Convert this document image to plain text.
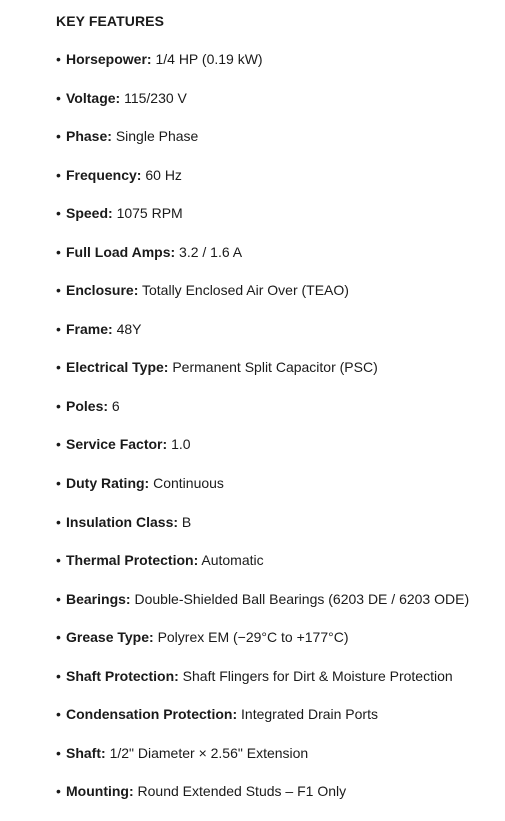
KEY FEATURES
• Horsepower: 1/4 HP (0.19 kW)
• Voltage: 115/230 V
• Phase: Single Phase
• Frequency: 60 Hz
• Speed: 1075 RPM
• Full Load Amps: 3.2 / 1.6 A
• Enclosure: Totally Enclosed Air Over (TEAO)
• Frame: 48Y
• Electrical Type: Permanent Split Capacitor (PSC)
• Poles: 6
• Service Factor: 1.0
• Duty Rating: Continuous
• Insulation Class: B
• Thermal Protection: Automatic
• Bearings: Double-Shielded Ball Bearings (6203 DE / 6203 ODE)
• Grease Type: Polyrex EM (−29°C to +177°C)
• Shaft Protection: Shaft Flingers for Dirt & Moisture Protection
• Condensation Protection: Integrated Drain Ports
• Shaft: 1/2" Diameter × 2.56" Extension
• Mounting: Round Extended Studs – F1 Only
